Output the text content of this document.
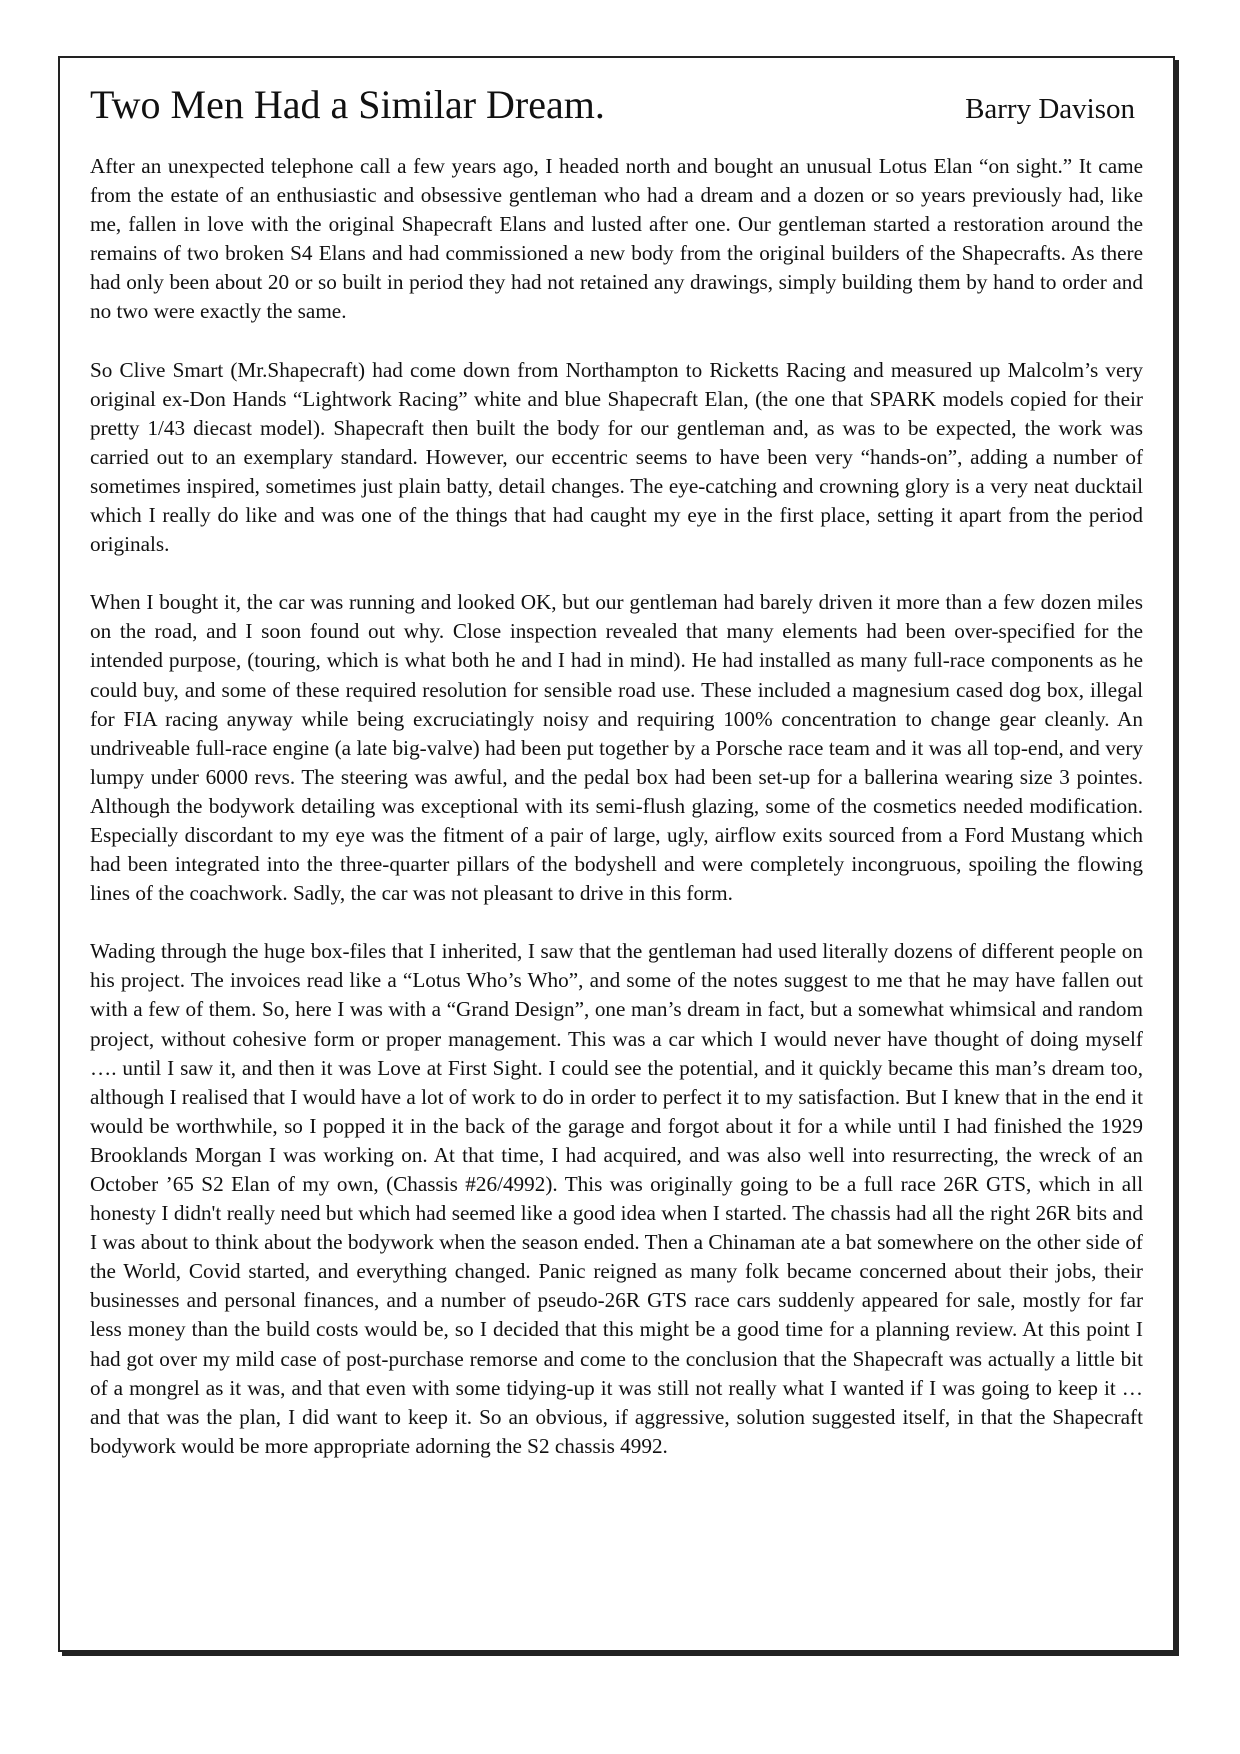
Two Men Had a Similar Dream.	Barry Davison

After an unexpected telephone call a few years ago, I headed north and bought an unusual Lotus Elan “on sight.” It came from the estate of an enthusiastic and obsessive gentleman who had a dream and a dozen or so years previously had, like me, fallen in love with the original Shapecraft Elans and lusted after one. Our gentleman started a restoration around the remains of two broken S4 Elans and had commissioned a new body from the original builders of the Shapecrafts. As there had only been about 20 or so built in period they had not retained any drawings, simply building them by hand to order and no two were exactly the same.

So Clive Smart (Mr.Shapecraft) had come down from Northampton to Ricketts Racing and measured up Malcolm’s very original ex-Don Hands “Lightwork Racing” white and blue Shapecraft Elan, (the one that SPARK models copied for their pretty 1/43 diecast model). Shapecraft then built the body for our gentleman and, as was to be expected, the work was carried out to an exemplary standard. However, our eccentric seems to have been very “hands-on”, adding a number of sometimes inspired, sometimes just plain batty, detail changes. The eye-catching and crowning glory is a very neat ducktail which I really do like and was one of the things that had caught my eye in the first place, setting it apart from the period originals.

When I bought it, the car was running and looked OK, but our gentleman had barely driven it more than a few dozen miles on the road, and I soon found out why. Close inspection revealed that many elements had been over-specified for the intended purpose, (touring, which is what both he and I had in mind). He had installed as many full-race components as he could buy, and some of these required resolution for sensible road use. These included a magnesium cased dog box, illegal for FIA racing anyway while being excruciatingly noisy and requiring 100% concentration to change gear cleanly. An undriveable full-race engine (a late big-valve) had been put together by a Porsche race team and it was all top-end, and very lumpy under 6000 revs. The steering was awful, and the pedal box had been set-up for a ballerina wearing size 3 pointes. Although the bodywork detailing was exceptional with its semi-flush glazing, some of the cosmetics needed modification. Especially discordant to my eye was the fitment of a pair of large, ugly, airflow exits sourced from a Ford Mustang which had been integrated into the three-quarter pillars of the bodyshell and were completely incongruous, spoiling the flowing lines of the coachwork. Sadly, the car was not pleasant to drive in this form.

Wading through the huge box-files that I inherited, I saw that the gentleman had used literally dozens of different people on his project. The invoices read like a “Lotus Who’s Who”, and some of the notes suggest to me that he may have fallen out with a few of them. So, here I was with a “Grand Design”, one man’s dream in fact, but a somewhat whimsical and random project, without cohesive form or proper management. This was a car which I would never have thought of doing myself …. until I saw it, and then it was Love at First Sight. I could see the potential, and it quickly became this man’s dream too, although I realised that I would have a lot of work to do in order to perfect it to my satisfaction. But I knew that in the end it would be worthwhile, so I popped it in the back of the garage and forgot about it for a while until I had finished the 1929 Brooklands Morgan I was working on. At that time, I had acquired, and was also well into resurrecting, the wreck of an October ’65 S2 Elan of my own, (Chassis #26/4992). This was originally going to be a full race 26R GTS, which in all honesty I didn't really need but which had seemed like a good idea when I started. The chassis had all the right 26R bits and I was about to think about the bodywork when the season ended. Then a Chinaman ate a bat somewhere on the other side of the World, Covid started, and everything changed. Panic reigned as many folk became concerned about their jobs, their businesses and personal finances, and a number of pseudo-26R GTS race cars suddenly appeared for sale, mostly for far less money than the build costs would be, so I decided that this might be a good time for a planning review. At this point I had got over my mild case of post-purchase remorse and come to the conclusion that the Shapecraft was actually a little bit of a mongrel as it was, and that even with some tidying-up it was still not really what I wanted if I was going to keep it … and that was the plan, I did want to keep it. So an obvious, if aggressive, solution suggested itself, in that the Shapecraft bodywork would be more appropriate adorning the S2 chassis 4992.
